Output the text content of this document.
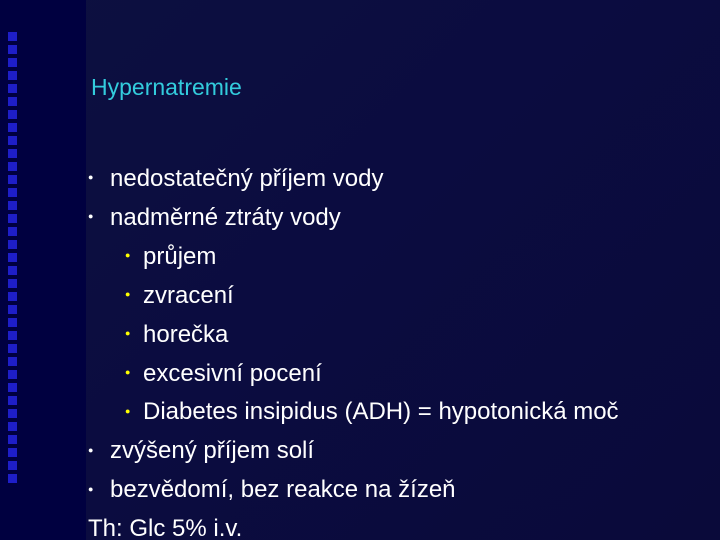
Hypernatremie
● nedostatečný příjem vody
● nadměrné ztráty vody
● průjem
● zvracení
● horečka
● excesivní pocení
● Diabetes insipidus (ADH) = hypotonická moč
● zvýšený příjem solí
● bezvědomí, bez reakce na žízeň
Th: Glc 5% i.v.
